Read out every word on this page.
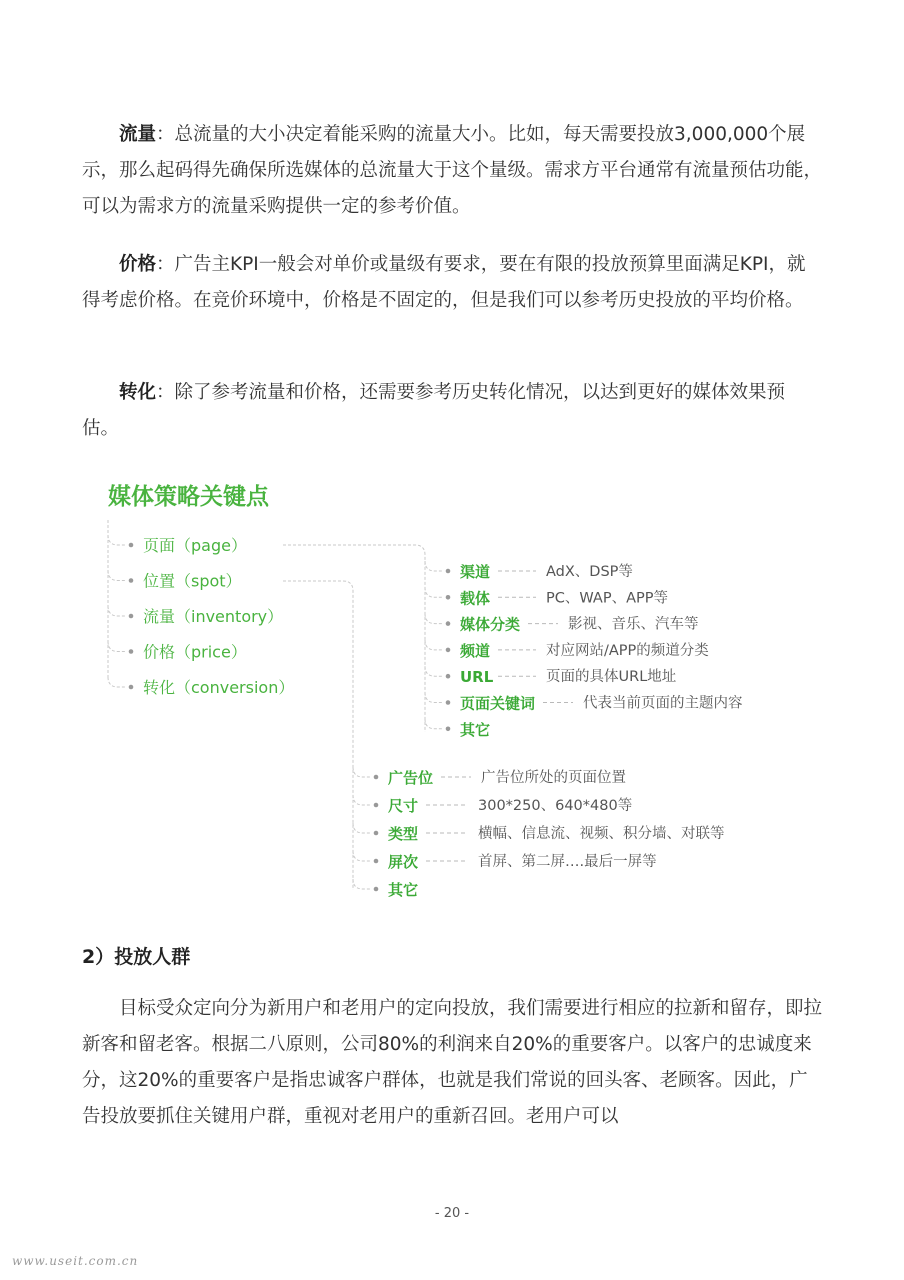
流量：总流量的大小决定着能采购的流量大小。比如，每天需要投放3,000,000个展示，那么起码得先确保所选媒体的总流量大于这个量级。需求方平台通常有流量预估功能，可以为需求方的流量采购提供一定的参考价值。

价格：广告主KPI一般会对单价或量级有要求，要在有限的投放预算里面满足KPI，就得考虑价格。在竞价环境中，价格是不固定的，但是我们可以参考历史投放的平均价格。

转化：除了参考流量和价格，还需要参考历史转化情况，以达到更好的媒体效果预估。

媒体策略关键点
页面（page）
位置（spot）
流量（inventory）
价格（price）
转化（conversion）
渠道	AdX、DSP等
载体	PC、WAP、APP等
媒体分类	影视、音乐、汽车等
频道	对应网站/APP的频道分类
URL	页面的具体URL地址
页面关键词	代表当前页面的主题内容
其它
广告位	广告位所处的页面位置
尺寸	300*250、640*480等
类型	横幅、信息流、视频、积分墙、对联等
屏次	首屏、第二屏….最后一屏等
其它

2）投放人群

目标受众定向分为新用户和老用户的定向投放，我们需要进行相应的拉新和留存，即拉新客和留老客。根据二八原则，公司80%的利润来自20%的重要客户。以客户的忠诚度来分，这20%的重要客户是指忠诚客户群体，也就是我们常说的回头客、老顾客。因此，广告投放要抓住关键用户群，重视对老用户的重新召回。老用户可以

- 20 -
www.useit.com.cn
